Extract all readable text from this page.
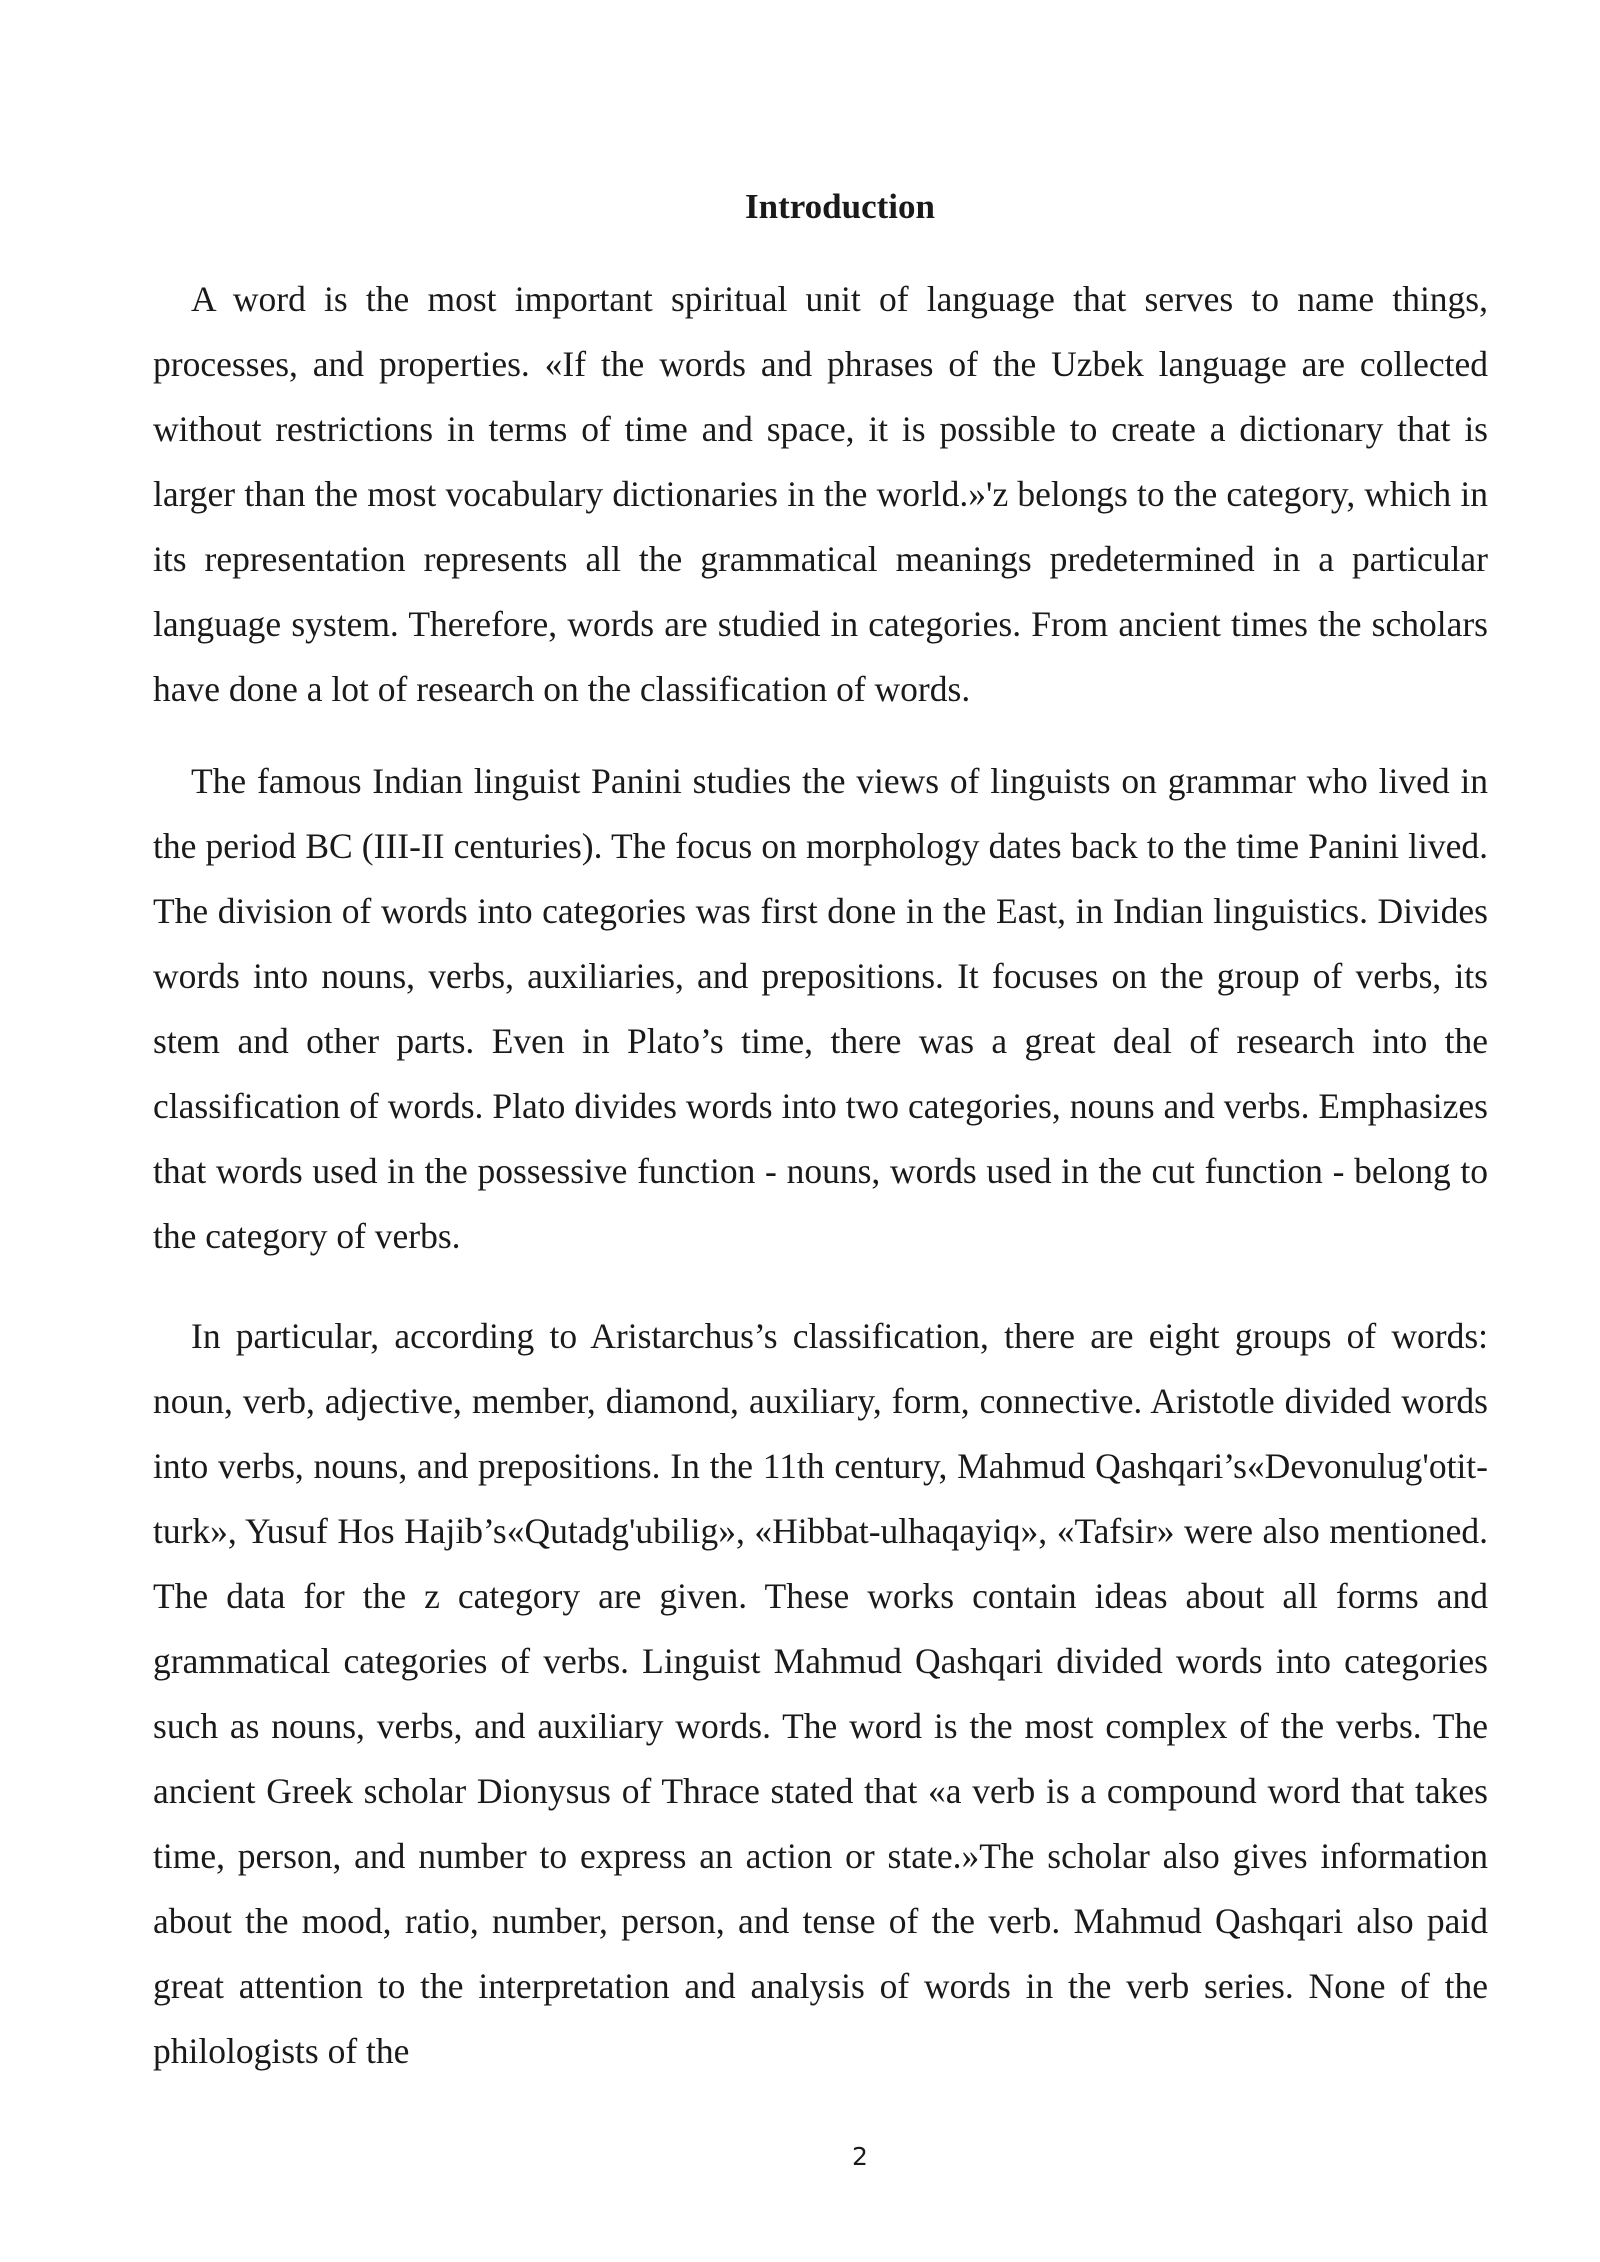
Introduction

A word is the most important spiritual unit of language that serves to name things, processes, and properties. «If the words and phrases of the Uzbek language are collected without restrictions in terms of time and space, it is possible to create a dictionary that is larger than the most vocabulary dictionaries in the world.»'z belongs to the category, which in its representation represents all the grammatical meanings predetermined in a particular language system. Therefore, words are studied in categories. From ancient times the scholars have done a lot of research on the classification of words.

The famous Indian linguist Panini studies the views of linguists on grammar who lived in the period BC (III-II centuries). The focus on morphology dates back to the time Panini lived. The division of words into categories was first done in the East, in Indian linguistics. Divides words into nouns, verbs, auxiliaries, and prepositions. It focuses on the group of verbs, its stem and other parts. Even in Plato’s time, there was a great deal of research into the classification of words. Plato divides words into two categories, nouns and verbs. Emphasizes that words used in the possessive function - nouns, words used in the cut function - belong to the category of verbs.

In particular, according to Aristarchus’s classification, there are eight groups of words: noun, verb, adjective, member, diamond, auxiliary, form, connective. Aristotle divided words into verbs, nouns, and prepositions. In the 11th century, Mahmud Qashqari’s«Devonulug'otit-turk», Yusuf Hos Hajib’s«Qutadg'ubilig», «Hibbat-ulhaqayiq», «Tafsir» were also mentioned. The data for the z category are given. These works contain ideas about all forms and grammatical categories of verbs. Linguist Mahmud Qashqari divided words into categories such as nouns, verbs, and auxiliary words. The word is the most complex of the verbs. The ancient Greek scholar Dionysus of Thrace stated that «a verb is a compound word that takes time, person, and number to express an action or state.»The scholar also gives information about the mood, ratio, number, person, and tense of the verb. Mahmud Qashqari also paid great attention to the interpretation and analysis of words in the verb series. None of the philologists of the

2
